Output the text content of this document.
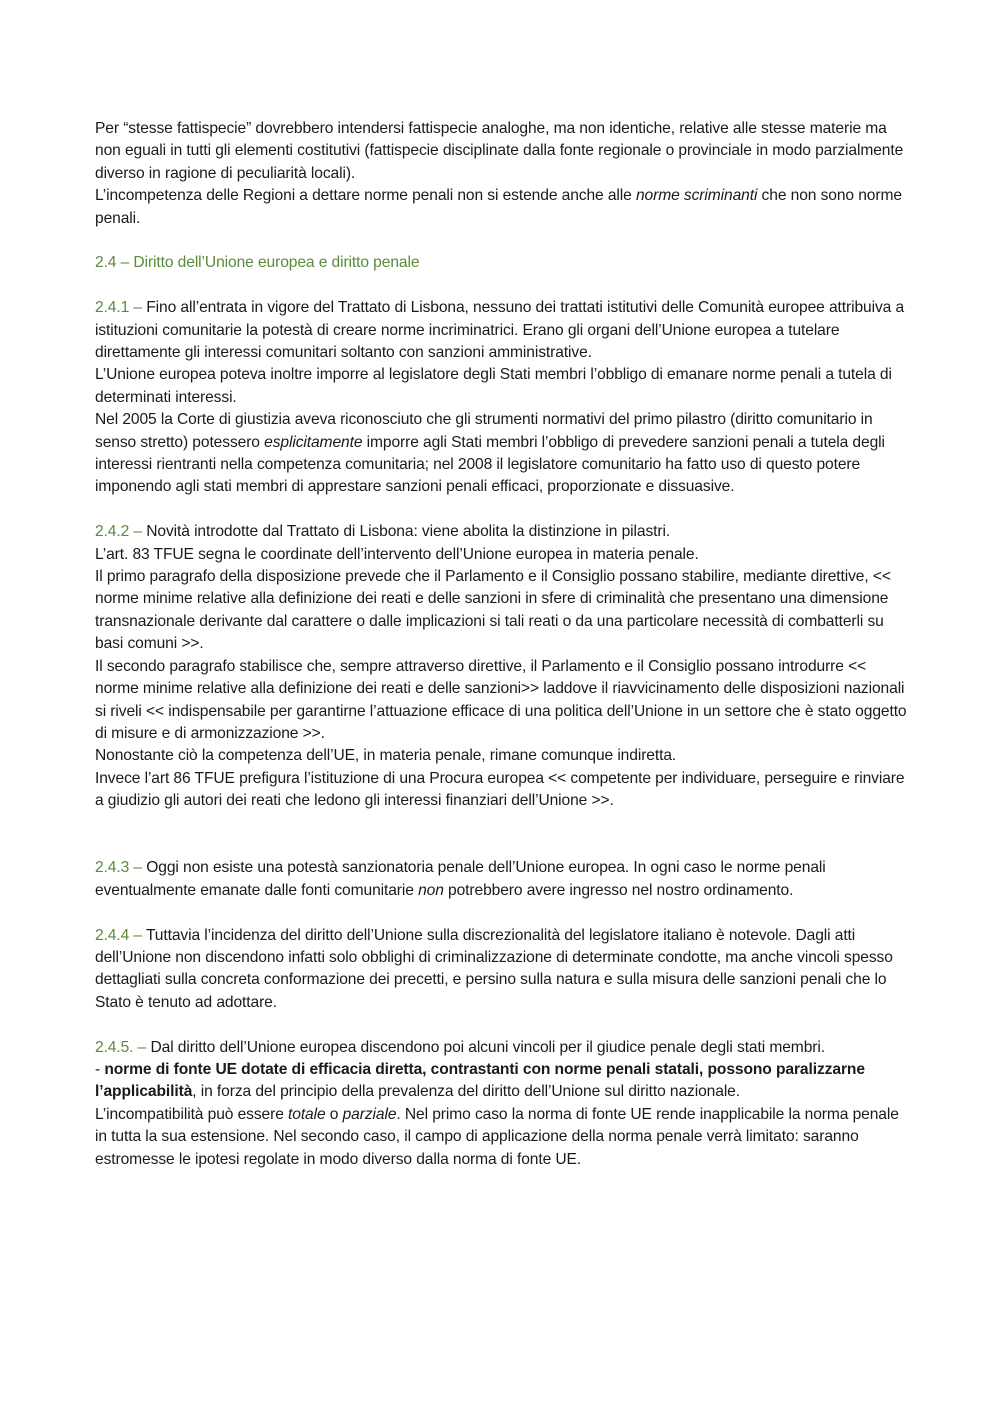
Per “stesse fattispecie” dovrebbero intendersi fattispecie analoghe, ma non identiche, relative alle stesse materie ma non eguali in tutti gli elementi costitutivi (fattispecie disciplinate dalla fonte regionale o provinciale in modo parzialmente diverso in ragione di peculiarità locali).

L’incompetenza delle Regioni a dettare norme penali non si estende anche alle norme scriminanti che non sono norme penali.

2.4 – Diritto dell’Unione europea e diritto penale

2.4.1 – Fino all’entrata in vigore del Trattato di Lisbona, nessuno dei trattati istitutivi delle Comunità europee attribuiva a istituzioni comunitarie la potestà di creare norme incriminatrici. Erano gli organi dell’Unione europea a tutelare direttamente gli interessi comunitari soltanto con sanzioni amministrative.

L’Unione europea poteva inoltre imporre al legislatore degli Stati membri l’obbligo di emanare norme penali a tutela di determinati interessi.

Nel 2005 la Corte di giustizia aveva riconosciuto che gli strumenti normativi del primo pilastro (diritto comunitario in senso stretto) potessero esplicitamente imporre agli Stati membri l’obbligo di prevedere sanzioni penali a tutela degli interessi rientranti nella competenza comunitaria; nel 2008 il legislatore comunitario ha fatto uso di questo potere imponendo agli stati membri di apprestare sanzioni penali efficaci, proporzionate e dissuasive.

2.4.2 – Novità introdotte dal Trattato di Lisbona: viene abolita la distinzione in pilastri.

L’art. 83 TFUE segna le coordinate dell’intervento dell’Unione europea in materia penale.

Il primo paragrafo della disposizione prevede che il Parlamento e il Consiglio possano stabilire, mediante direttive, << norme minime relative alla definizione dei reati e delle sanzioni in sfere di criminalità che presentano una dimensione transnazionale derivante dal carattere o dalle implicazioni si tali reati o da una particolare necessità di combatterli su basi comuni >>.

Il secondo paragrafo stabilisce che, sempre attraverso direttive, il Parlamento e il Consiglio possano introdurre << norme minime relative alla definizione dei reati e delle sanzioni>> laddove il riavvicinamento delle disposizioni nazionali si riveli << indispensabile per garantirne l’attuazione efficace di una politica dell’Unione in un settore che è stato oggetto di misure e di armonizzazione >>.

Nonostante ciò la competenza dell’UE, in materia penale, rimane comunque indiretta.

Invece l’art 86 TFUE prefigura l’istituzione di una Procura europea << competente per individuare, perseguire e rinviare a giudizio gli autori dei reati che ledono gli interessi finanziari dell’Unione >>.

2.4.3 – Oggi non esiste una potestà sanzionatoria penale dell’Unione europea. In ogni caso le norme penali eventualmente emanate dalle fonti comunitarie non potrebbero avere ingresso nel nostro ordinamento.

2.4.4 – Tuttavia l’incidenza del diritto dell’Unione sulla discrezionalità del legislatore italiano è notevole. Dagli atti dell’Unione non discendono infatti solo obblighi di criminalizzazione di determinate condotte, ma anche vincoli spesso dettagliati sulla concreta conformazione dei precetti, e persino sulla natura e sulla misura delle sanzioni penali che lo Stato è tenuto ad adottare.

2.4.5. – Dal diritto dell’Unione europea discendono poi alcuni vincoli per il giudice penale degli stati membri.

- norme di fonte UE dotate di efficacia diretta, contrastanti con norme penali statali, possono paralizzarne l’applicabilità, in forza del principio della prevalenza del diritto dell’Unione sul diritto nazionale.

L’incompatibilità può essere totale o parziale. Nel primo caso la norma di fonte UE rende inapplicabile la norma penale in tutta la sua estensione. Nel secondo caso, il campo di applicazione della norma penale verrà limitato: saranno estromesse le ipotesi regolate in modo diverso dalla norma di fonte UE.
